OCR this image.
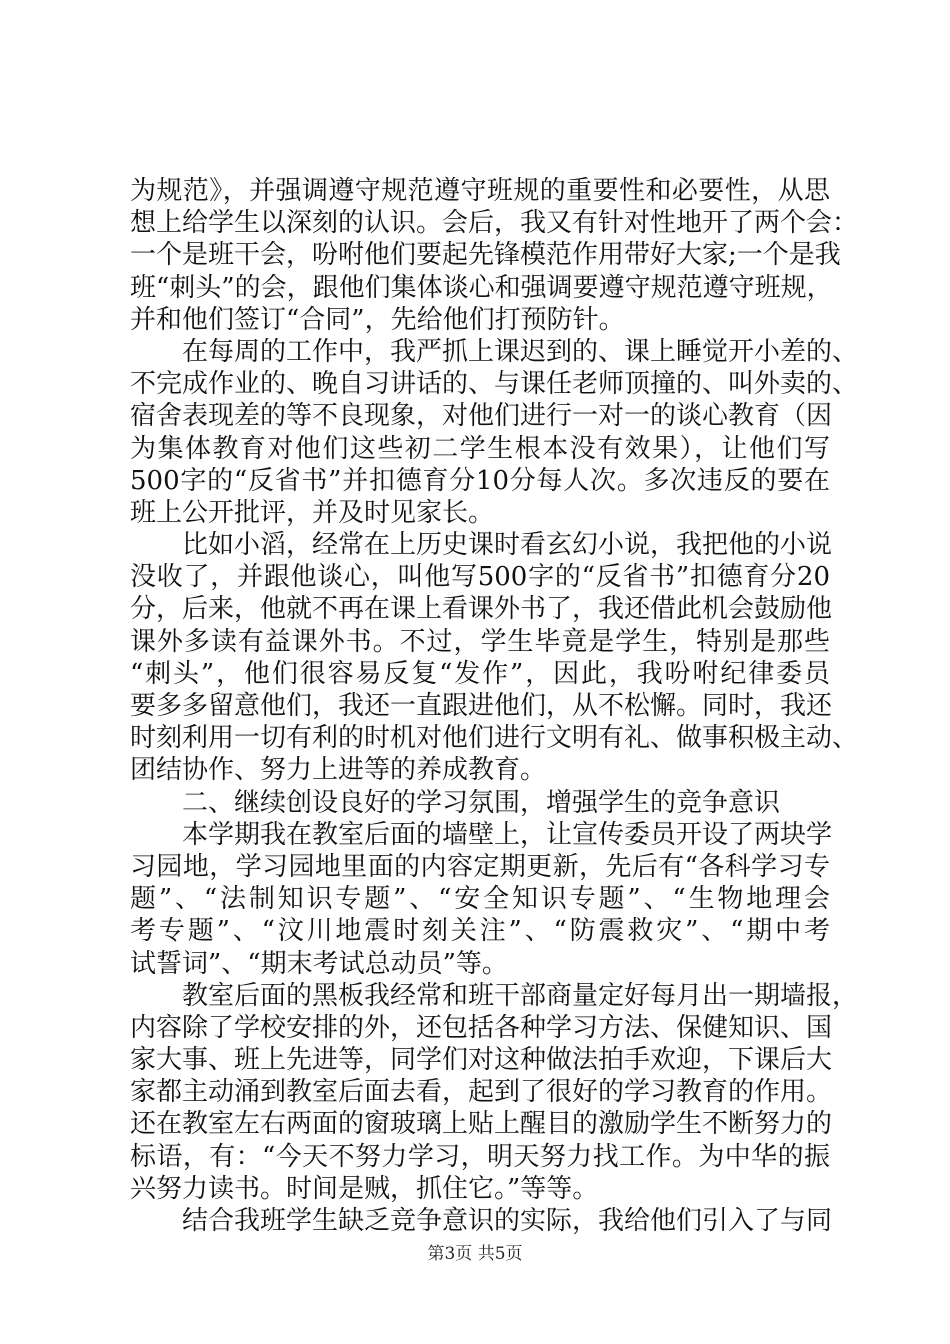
为规范》，并强调遵守规范遵守班规的重要性和必要性，从思
想上给学生以深刻的认识。会后，我又有针对性地开了两个会：
一个是班干会，吩咐他们要起先锋模范作用带好大家;一个是我
班“刺头”的会，跟他们集体谈心和强调要遵守规范遵守班规，
并和他们签订“合同”，先给他们打预防针。
在每周的工作中，我严抓上课迟到的、课上睡觉开小差的、
不完成作业的、晚自习讲话的、与课任老师顶撞的、叫外卖的、
宿舍表现差的等不良现象，对他们进行一对一的谈心教育（因
为集体教育对他们这些初二学生根本没有效果），让他们写
500字的“反省书”并扣德育分10分每人次。多次违反的要在
班上公开批评，并及时见家长。
比如小滔，经常在上历史课时看玄幻小说，我把他的小说
没收了，并跟他谈心，叫他写500字的“反省书”扣德育分20
分，后来，他就不再在课上看课外书了，我还借此机会鼓励他
课外多读有益课外书。不过，学生毕竟是学生，特别是那些
“刺头”，他们很容易反复“发作”，因此，我吩咐纪律委员
要多多留意他们，我还一直跟进他们，从不松懈。同时，我还
时刻利用一切有利的时机对他们进行文明有礼、做事积极主动、
团结协作、努力上进等的养成教育。
二、继续创设良好的学习氛围，增强学生的竞争意识
本学期我在教室后面的墙壁上，让宣传委员开设了两块学
习园地，学习园地里面的内容定期更新，先后有“各科学习专
题”、“法制知识专题”、“安全知识专题”、“生物地理会
考专题”、“汶川地震时刻关注”、“防震救灾”、“期中考
试誓词”、“期末考试总动员”等。
教室后面的黑板我经常和班干部商量定好每月出一期墙报，
内容除了学校安排的外，还包括各种学习方法、保健知识、国
家大事、班上先进等，同学们对这种做法拍手欢迎，下课后大
家都主动涌到教室后面去看，起到了很好的学习教育的作用。
还在教室左右两面的窗玻璃上贴上醒目的激励学生不断努力的
标语，有：“今天不努力学习，明天努力找工作。为中华的振
兴努力读书。时间是贼，抓住它。”等等。
结合我班学生缺乏竞争意识的实际，我给他们引入了与同
第3页 共5页
